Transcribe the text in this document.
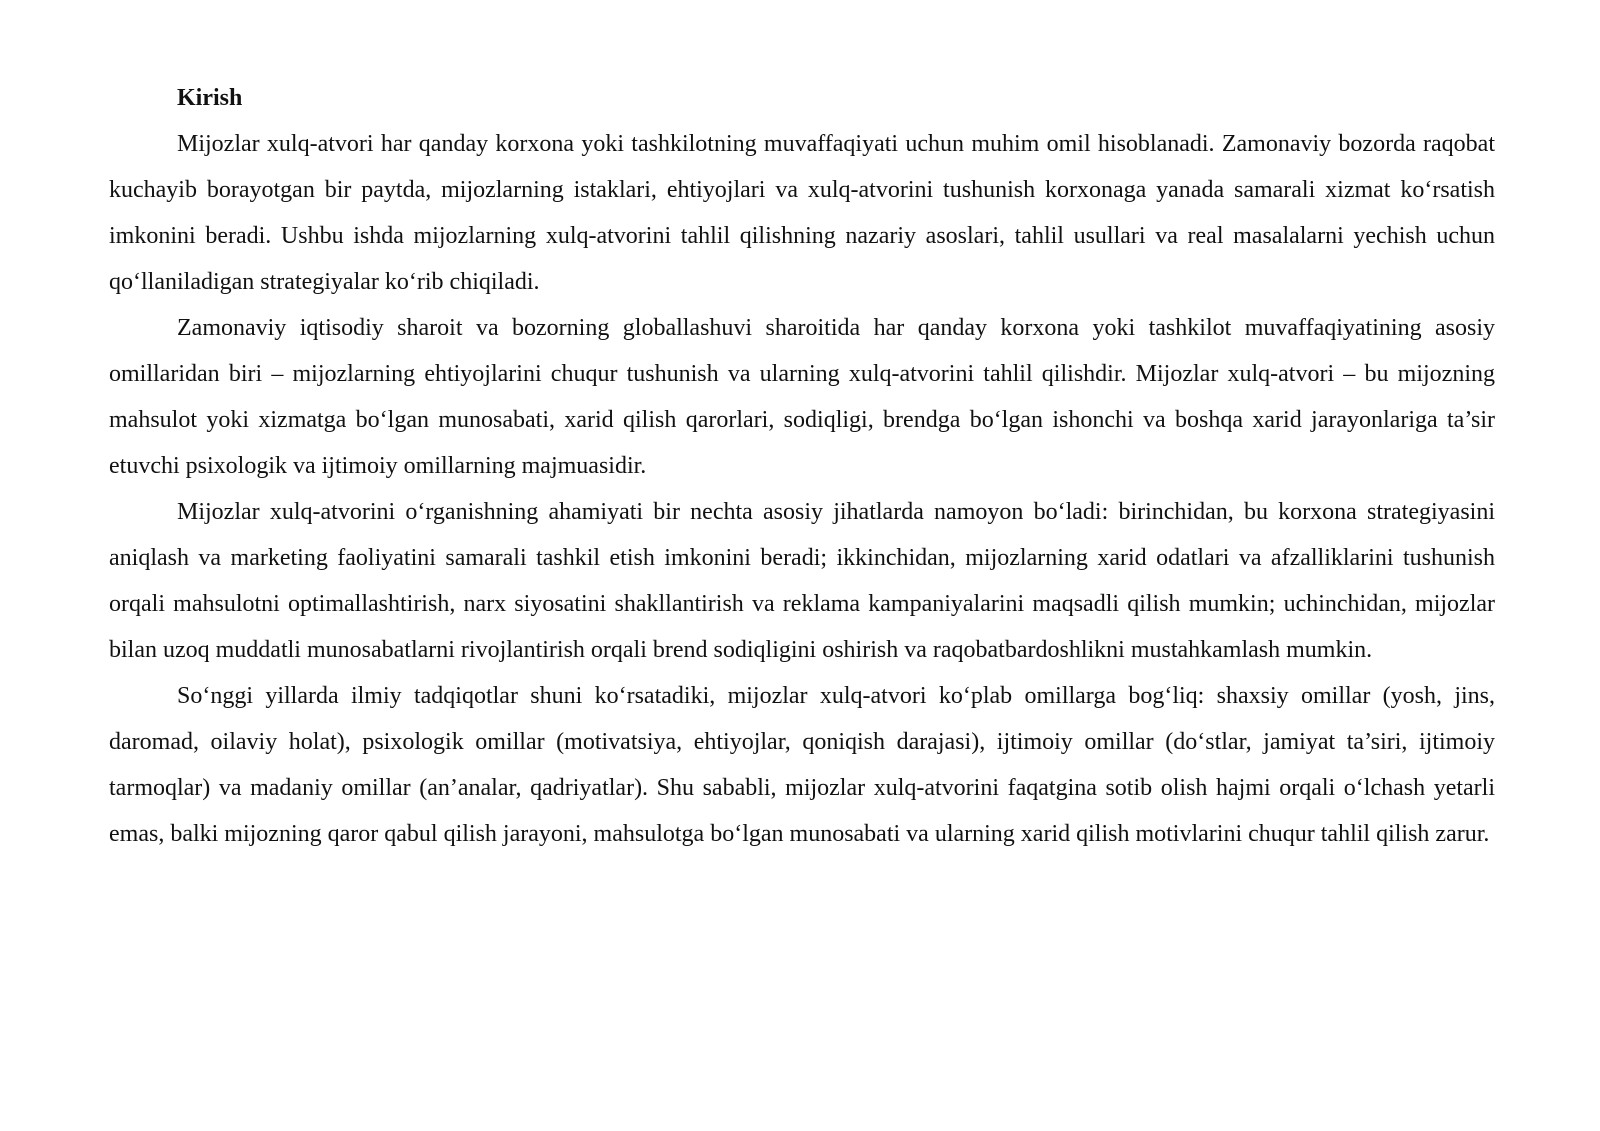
Kirish

Mijozlar xulq-atvori har qanday korxona yoki tashkilotning muvaffaqiyati uchun muhim omil hisoblanadi. Zamonaviy bozorda raqobat kuchayib borayotgan bir paytda, mijozlarning istaklari, ehtiyojlari va xulq-atvorini tushunish korxonaga yanada samarali xizmat ko‘rsatish imkonini beradi. Ushbu ishda mijozlarning xulq-atvorini tahlil qilishning nazariy asoslari, tahlil usullari va real masalalarni yechish uchun qo‘llaniladigan strategiyalar ko‘rib chiqiladi.

Zamonaviy iqtisodiy sharoit va bozorning globallashuvi sharoitida har qanday korxona yoki tashkilot muvaffaqiyatining asosiy omillaridan biri – mijozlarning ehtiyojlarini chuqur tushunish va ularning xulq-atvorini tahlil qilishdir. Mijozlar xulq-atvori – bu mijozning mahsulot yoki xizmatga bo‘lgan munosabati, xarid qilish qarorlari, sodiqligi, brendga bo‘lgan ishonchi va boshqa xarid jarayonlariga ta’sir etuvchi psixologik va ijtimoiy omillarning majmuasidir.

Mijozlar xulq-atvorini o‘rganishning ahamiyati bir nechta asosiy jihatlarda namoyon bo‘ladi: birinchidan, bu korxona strategiyasini aniqlash va marketing faoliyatini samarali tashkil etish imkonini beradi; ikkinchidan, mijozlarning xarid odatlari va afzalliklarini tushunish orqali mahsulotni optimallashtirish, narx siyosatini shakllantirish va reklama kampaniyalarini maqsadli qilish mumkin; uchinchidan, mijozlar bilan uzoq muddatli munosabatlarni rivojlantirish orqali brend sodiqligini oshirish va raqobatbardoshlikni mustahkamlash mumkin.

So‘nggi yillarda ilmiy tadqiqotlar shuni ko‘rsatadiki, mijozlar xulq-atvori ko‘plab omillarga bog‘liq: shaxsiy omillar (yosh, jins, daromad, oilaviy holat), psixologik omillar (motivatsiya, ehtiyojlar, qoniqish darajasi), ijtimoiy omillar (do‘stlar, jamiyat ta’siri, ijtimoiy tarmoqlar) va madaniy omillar (an’analar, qadriyatlar). Shu sababli, mijozlar xulq-atvorini faqatgina sotib olish hajmi orqali o‘lchash yetarli emas, balki mijozning qaror qabul qilish jarayoni, mahsulotga bo‘lgan munosabati va ularning xarid qilish motivlarini chuqur tahlil qilish zarur.
